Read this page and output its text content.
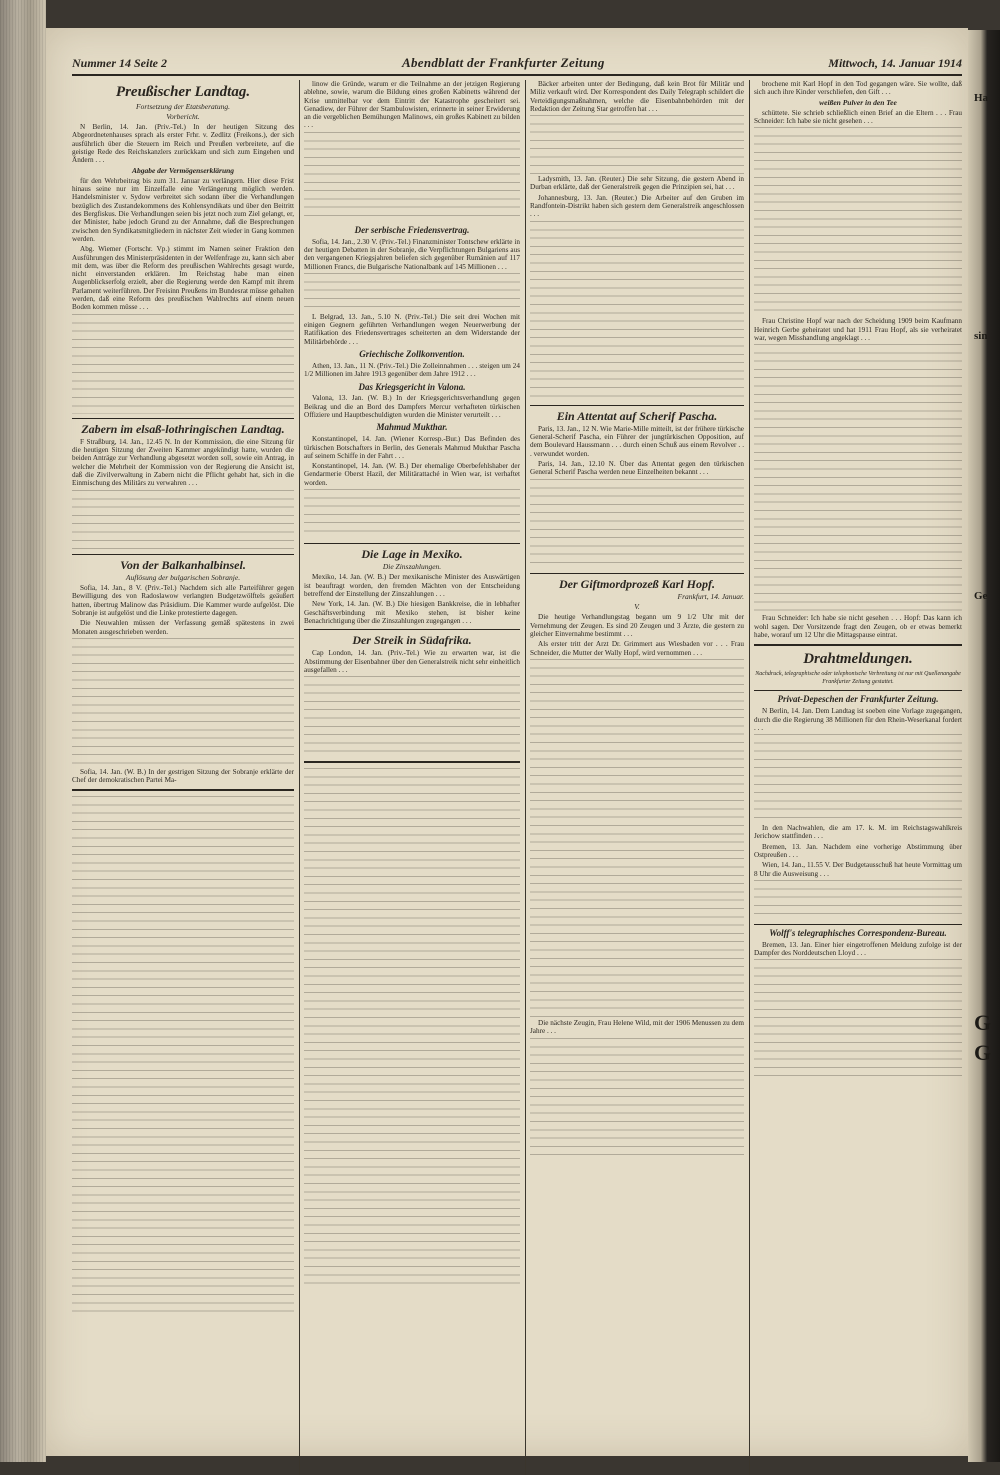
Ha
sin
Ge
G
G
Nummer 14 Seite 2	Abendblatt der Frankfurter Zeitung	Mittwoch, 14. Januar 1914
Preußischer Landtag.
Fortsetzung der Etatsberatung.
Vorbericht.

N Berlin, 14. Jan. (Priv.-Tel.) In der heutigen Sitzung des Abgeordnetenhauses sprach als erster Frhr. v. Zedlitz (Freikons.), der sich ausführlich über die Steuern im Reich und Preußen verbreitete, auf die geistige Rede des Reichskanzlers zurückkam und sich zum Eingehen und Ändern . . .

Abgabe der Vermögenserklärung

für den Wehrbeitrag bis zum 31. Januar zu verlängern. Hier diese Frist hinaus seine nur im Einzelfalle eine Verlängerung möglich werden. Handelsminister v. Sydow verbreitet sich sodann über die Verhandlungen bezüglich des Zustandekommens des Kohlensyndikats und über den Beitritt des Bergfiskus. Die Verhandlungen seien bis jetzt noch zum Ziel gelangt, er, der Minister, habe jedoch Grund zu der Annahme, daß die Besprechungen zwischen den Syndikatsmitgliedern in nächster Zeit wieder in Gang kommen werden.

Abg. Wiemer (Fortschr. Vp.) stimmt im Namen seiner Fraktion den Ausführungen des Ministerpräsidenten in der Welfenfrage zu, kann sich aber mit dem, was über die Reform des preußischen Wahlrechts gesagt wurde, nicht einverstanden erklären. Im Reichstag habe man einen Augenblickserfolg erzielt, aber die Regierung werde den Kampf mit ihrem Parlament weiterführen. Der Freisinn Preußens im Bundesrat müsse gehalten werden, daß eine Reform des preußischen Wahlrechts auf einem neuen Boden kommen müsse . . .

Zabern im elsaß-lothringischen Landtag.

F Straßburg, 14. Jan., 12.45 N. In der Kommission, die eine Sitzung für die heutigen Sitzung der Zweiten Kammer angekündigt hatte, wurden die beiden Anträge zur Verhandlung abgesetzt worden soll, sowie ein Antrag, in welcher die Mehrheit der Kommission von der Regierung die Ansicht ist, daß die Zivilverwaltung in Zabern nicht die Pflicht gehabt hat, sich in die Einmischung des Militärs zu verwahren . . .

Von der Balkanhalbinsel.
Auflösung der bulgarischen Sobranje.

Sofia, 14. Jan., 8 V. (Priv.-Tel.) Nachdem sich alle Parteiführer gegen Bewilligung des von Radoslawow verlangten Budgetzwölftels geäußert hatten, übertrug Malinow das Präsidium. Die Kammer wurde aufgelöst. Die Sobranje ist aufgelöst und die Linke protestierte dagegen.

Die Neuwahlen müssen der Verfassung gemäß spätestens in zwei Monaten ausgeschrieben werden.

Sofia, 14. Jan. (W. B.) In der gestrigen Sitzung der Sobranje erklärte der Chef der demokratischen Partei Ma-

linow die Gründe, warum er die Teilnahme an der jetzigen Regierung ablehne, sowie, warum die Bildung eines großen Kabinetts während der Krise unmittelbar vor dem Eintritt der Katastrophe gescheitert sei. Genadiew, der Führer der Stambulowisten, erinnerte in seiner Erwiderung an die vergeblichen Bemühungen Malinows, ein großes Kabinett zu bilden . . .

Der serbische Friedensvertrag.

Sofia, 14. Jan., 2.30 V. (Priv.-Tel.) Finanzminister Tontschew erklärte in der heutigen Debatten in der Sobranje, die Verpflichtungen Bulgariens aus den vergangenen Kriegsjahren beliefen sich gegenüber Rumänien auf 117 Millionen Francs, die Bulgarische Nationalbank auf 145 Millionen . . .

L Belgrad, 13. Jan., 5.10 N. (Priv.-Tel.) Die seit drei Wochen mit einigen Gegnern geführten Verhandlungen wegen Neuerwerbung der Ratifikation des Friedensvertrages scheiterten an dem Widerstande der Militärbehörde . . .

Griechische Zollkonvention.

Athen, 13. Jan., 11 N. (Priv.-Tel.) Die Zolleinnahmen . . . steigen um 24 1/2 Millionen im Jahre 1913 gegenüber dem Jahre 1912 . . .

Das Kriegsgericht in Valona.

Valona, 13. Jan. (W. B.) In der Kriegsgerichtsverhandlung gegen Beikrag und die an Bord des Dampfers Mercur verhafteten türkischen Offiziere und Hauptbeschuldigten wurden die Minister verurteilt . . .

Mahmud Mukthar.

Konstantinopel, 14. Jan. (Wiener Korresp.-Bur.) Das Befinden des türkischen Botschafters in Berlin, des Generals Mahmud Mukthar Pascha auf seinem Schiffe in der Fahrt . . .

Konstantinopel, 14. Jan. (W. B.) Der ehemalige Oberbefehlshaber der Gendarmerie Oberst Hazil, der Militärattaché in Wien war, ist verhaftet worden.

Die Lage in Mexiko.
Die Zinszahlungen.

Mexiko, 14. Jan. (W. B.) Der mexikanische Minister des Auswärtigen ist beauftragt worden, den fremden Mächten von der Entscheidung betreffend der Einstellung der Zinszahlungen . . .

New York, 14. Jan. (W. B.) Die hiesigen Bankkreise, die in lebhafter Geschäftsverbindung mit Mexiko stehen, ist bisher keine Benachrichtigung über die Zinszahlungen zugegangen . . .

Der Streik in Südafrika.

Cap London, 14. Jan. (Priv.-Tel.) Wie zu erwarten war, ist die Abstimmung der Eisenbahner über den Generalstreik nicht sehr einheitlich ausgefallen . . .

Bäcker arbeiten unter der Bedingung, daß kein Brot für Militär und Miliz verkauft wird. Der Korrespondent des Daily Telegraph schildert die Verteidigungsmaßnahmen, welche die Eisenbahnbehörden mit der Redaktion der Zeitung Star getroffen hat . . .

Ladysmith, 13. Jan. (Reuter.) Die sehr Sitzung, die gestern Abend in Durban erklärte, daß der Generalstreik gegen die Prinzipien sei, hat . . .

Johannesburg, 13. Jan. (Reuter.) Die Arbeiter auf den Gruben im Randfontein-Distrikt haben sich gestern dem Generalstreik angeschlossen . . .

Ein Attentat auf Scherif Pascha.

Paris, 13. Jan., 12 N. Wie Marie-Mille mitteilt, ist der frühere türkische General-Scherif Pascha, ein Führer der jungtürkischen Opposition, auf dem Boulevard Haussmann . . . durch einen Schuß aus einem Revolver . . . verwundet worden.

Paris, 14. Jan., 12.10 N. Über das Attentat gegen den türkischen General Scherif Pascha werden neue Einzelheiten bekannt . . .

Der Giftmordprozeß Karl Hopf.
Frankfurt, 14. Januar.
V.

Die heutige Verhandlungstag begann um 9 1/2 Uhr mit der Vernehmung der Zeugen. Es sind 20 Zeugen und 3 Ärzte, die gestern zu gleicher Einvernahme bestimmt . . .

Als erster tritt der Arzt Dr. Grimmert aus Wiesbaden vor . . . Frau Schneider, die Mutter der Wally Hopf, wird vernommen . . .

Die nächste Zeugin, Frau Helene Wild, mit der 1906 Menussen zu dem Jahre . . .

brochene mit Karl Hopf in den Tod gegangen wäre. Sie wollte, daß sich auch ihre Kinder verschliefen, den Gift . . .

weißen Pulver in den Tee

schüttete. Sie schrieb schließlich einen Brief an die Eltern . . . Frau Schneider: Ich habe sie nicht gesehen . . .

Frau Christine Hopf war nach der Scheidung 1909 beim Kaufmann Heinrich Gerbe geheiratet und hat 1911 Frau Hopf, als sie verheiratet war, wegen Misshandlung angeklagt . . .

Frau Schneider: Ich habe sie nicht gesehen . . . Hopf: Das kann ich wohl sagen. Der Vorsitzende fragt den Zeugen, ob er etwas bemerkt habe, worauf um 12 Uhr die Mittagspause eintrat.

Drahtmeldungen.
Nachdruck, telegraphische oder telephonische Verbreitung ist nur mit Quellenangabe Frankfurter Zeitung gestattet.
Privat-Depeschen der Frankfurter Zeitung.

N Berlin, 14. Jan. Dem Landtag ist soeben eine Vorlage zugegangen, durch die die Regierung 38 Millionen für den Rhein-Weserkanal fordert . . .

In den Nachwahlen, die am 17. k. M. im Reichstagswahlkreis Jerichow stattfinden . . .

Bremen, 13. Jan. Nachdem eine vorherige Abstimmung über Ostpreußen . . .

Wien, 14. Jan., 11.55 V. Der Budgetausschuß hat heute Vormittag um 8 Uhr die Ausweisung . . .

Wolff's telegraphisches Correspondenz-Bureau.

Bremen, 13. Jan. Einer hier eingetroffenen Meldung zufolge ist der Dampfer des Norddeutschen Lloyd . . .
